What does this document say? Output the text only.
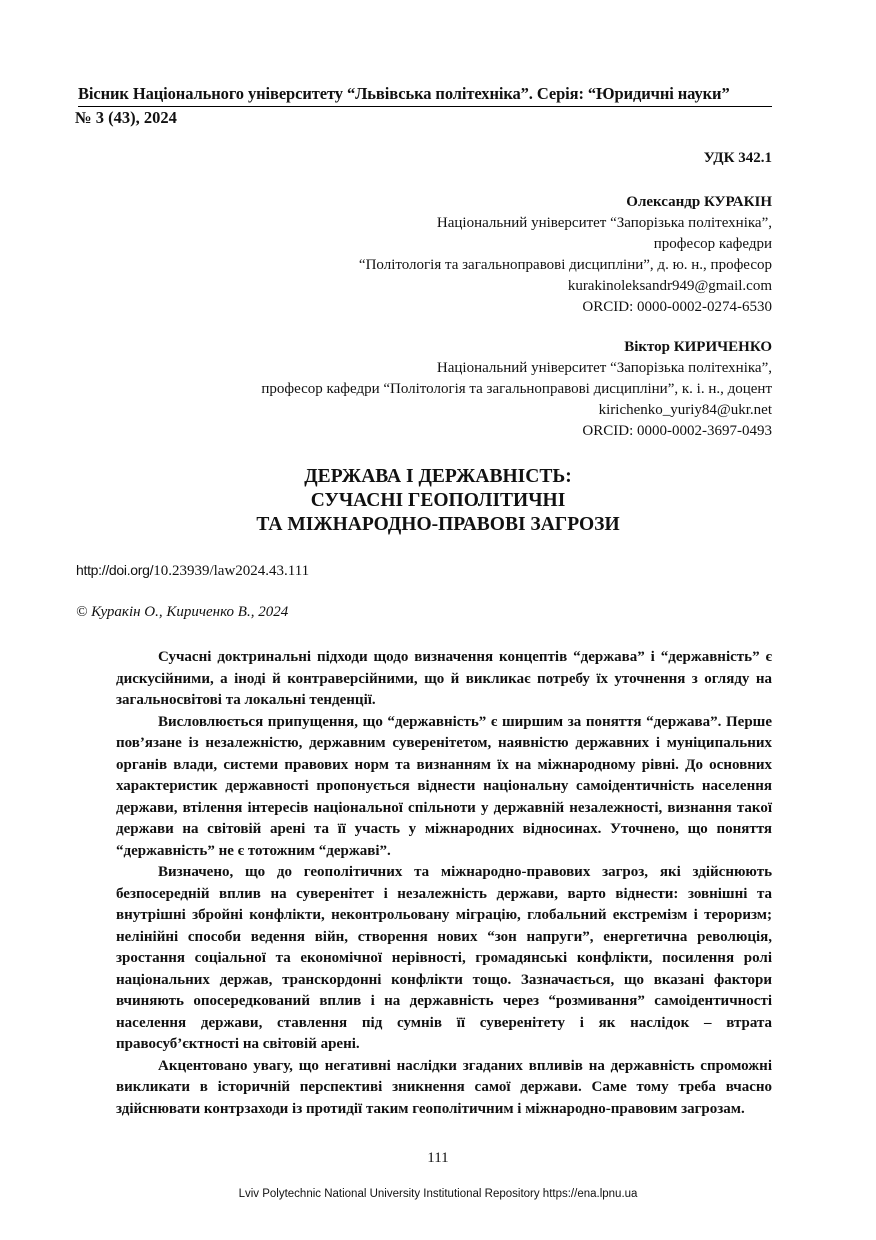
Вісник Національного університету “Львівська політехніка”. Серія: “Юридичні науки”
№ 3 (43), 2024
УДК 342.1
Олександр КУРАКІН
Національний університет “Запорізька політехніка”,
професор кафедри
“Політологія та загальноправові дисципліни”, д. ю. н., професор
kurakinoleksandr949@gmail.com
ORCID: 0000-0002-0274-6530
Віктор КИРИЧЕНКО
Національний університет “Запорізька політехніка”,
професор кафедри “Політологія та загальноправові дисципліни”, к. і. н., доцент
kirichenko_yuriy84@ukr.net
ORCID: 0000-0002-3697-0493
ДЕРЖАВА І ДЕРЖАВНІСТЬ:
СУЧАСНІ ГЕОПОЛІТИЧНІ
ТА МІЖНАРОДНО-ПРАВОВІ ЗАГРОЗИ
http://doi.org/10.23939/law2024.43.111
© Куракін О., Кириченко В., 2024

Сучасні доктринальні підходи щодо визначення концептів “держава” і “державність” є дискусійними, а іноді й контраверсійними, що й викликає потребу їх уточнення з огляду на загальносвітові та локальні тенденції.

Висловлюється припущення, що “державність” є ширшим за поняття “держава”. Перше пов’язане із незалежністю, державним суверенітетом, наявністю державних і муніципальних органів влади, системи правових норм та визнанням їх на міжнародному рівні. До основних характеристик державності пропонується віднести національну самоідентичність населення держави, втілення інтересів національної спільноти у державній незалежності, визнання такої держави на світовій арені та її участь у міжнародних відносинах. Уточнено, що поняття “державність” не є тотожним “державі”.

Визначено, що до геополітичних та міжнародно-правових загроз, які здійснюють безпосередній вплив на суверенітет і незалежність держави, варто віднести: зовнішні та внутрішні збройні конфлікти, неконтрольовану міграцію, глобальний екстремізм і тероризм; нелінійні способи ведення війн, створення нових “зон напруги”, енергетична революція, зростання соціальної та економічної нерівності, громадянські конфлікти, посилення ролі національних держав, транскордонні конфлікти тощо. Зазначається, що вказані фактори вчиняють опосередкований вплив і на державність через “розмивання” самоідентичності населення держави, ставлення під сумнів її суверенітету і як наслідок – втрата правосуб’єктності на світовій арені.

Акцентовано увагу, що негативні наслідки згаданих впливів на державність спроможні викликати в історичній перспективі зникнення самої держави. Саме тому треба вчасно здійснювати контрзаходи із протидії таким геополітичним і міжнародно-правовим загрозам.

111
Lviv Polytechnic National University Institutional Repository https://ena.lpnu.ua
